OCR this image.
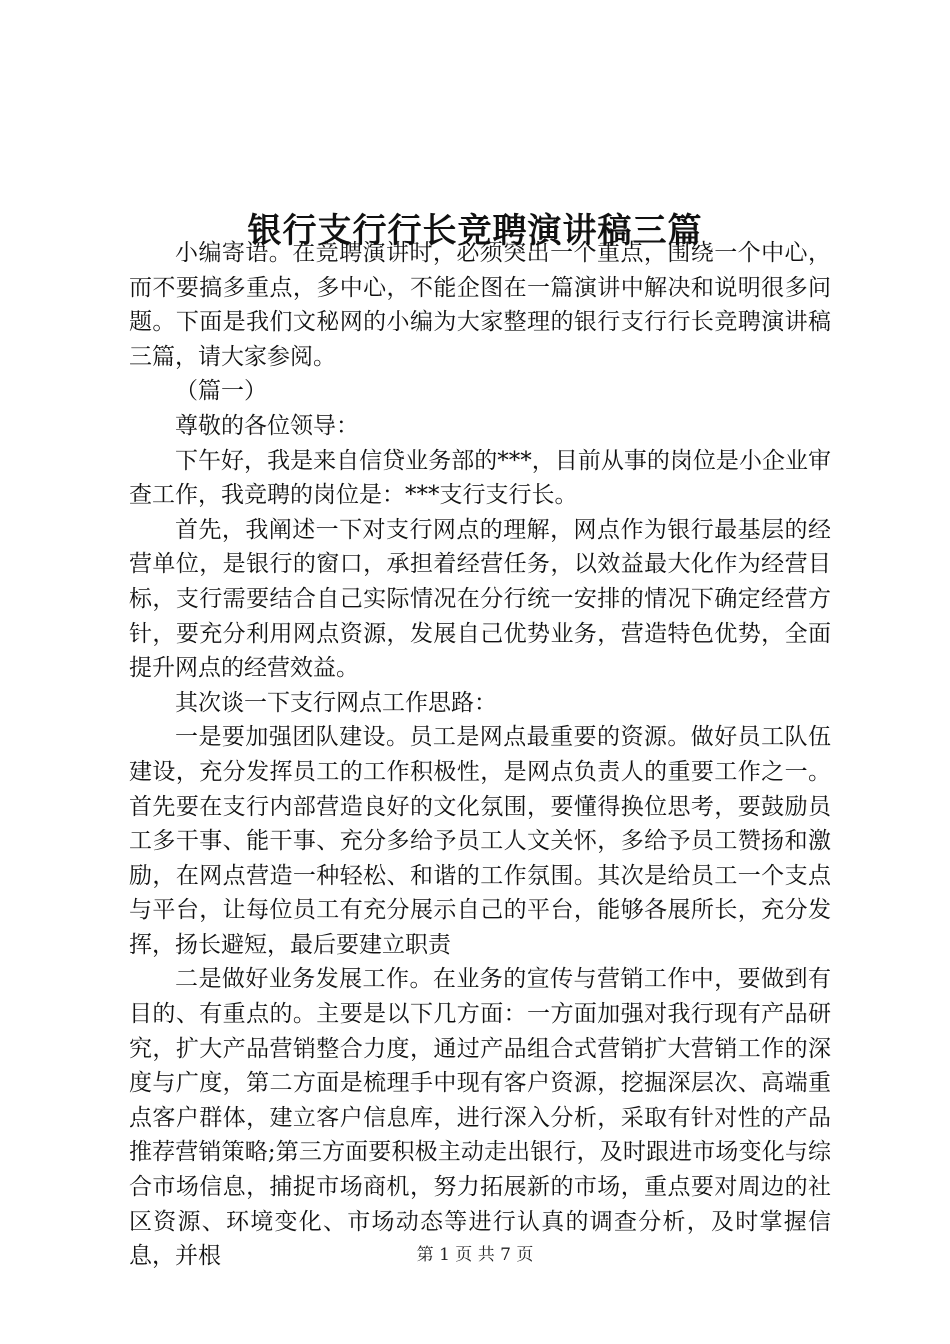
银行支行行长竞聘演讲稿三篇

小编寄语。在竞聘演讲时，必须突出一个重点，围绕一个中心，而不要搞多重点，多中心，不能企图在一篇演讲中解决和说明很多问题。下面是我们文秘网的小编为大家整理的银行支行行长竞聘演讲稿三篇，请大家参阅。

（篇一）

尊敬的各位领导：

下午好，我是来自信贷业务部的***，目前从事的岗位是小企业审查工作，我竞聘的岗位是：***支行支行长。

首先，我阐述一下对支行网点的理解，网点作为银行最基层的经营单位，是银行的窗口，承担着经营任务，以效益最大化作为经营目标，支行需要结合自己实际情况在分行统一安排的情况下确定经营方针，要充分利用网点资源，发展自己优势业务，营造特色优势，全面提升网点的经营效益。

其次谈一下支行网点工作思路：

一是要加强团队建设。员工是网点最重要的资源。做好员工队伍建设，充分发挥员工的工作积极性，是网点负责人的重要工作之一。首先要在支行内部营造良好的文化氛围，要懂得换位思考，要鼓励员工多干事、能干事、充分多给予员工人文关怀，多给予员工赞扬和激励，在网点营造一种轻松、和谐的工作氛围。其次是给员工一个支点与平台，让每位员工有充分展示自己的平台，能够各展所长，充分发挥，扬长避短，最后要建立职责

二是做好业务发展工作。在业务的宣传与营销工作中，要做到有目的、有重点的。主要是以下几方面：一方面加强对我行现有产品研究，扩大产品营销整合力度，通过产品组合式营销扩大营销工作的深度与广度，第二方面是梳理手中现有客户资源，挖掘深层次、高端重点客户群体，建立客户信息库，进行深入分析，采取有针对性的产品推荐营销策略;第三方面要积极主动走出银行，及时跟进市场变化与综合市场信息，捕捉市场商机，努力拓展新的市场，重点要对周边的社区资源、环境变化、市场动态等进行认真的调查分析，及时掌握信息，并根	第 1 页 共 7 页
